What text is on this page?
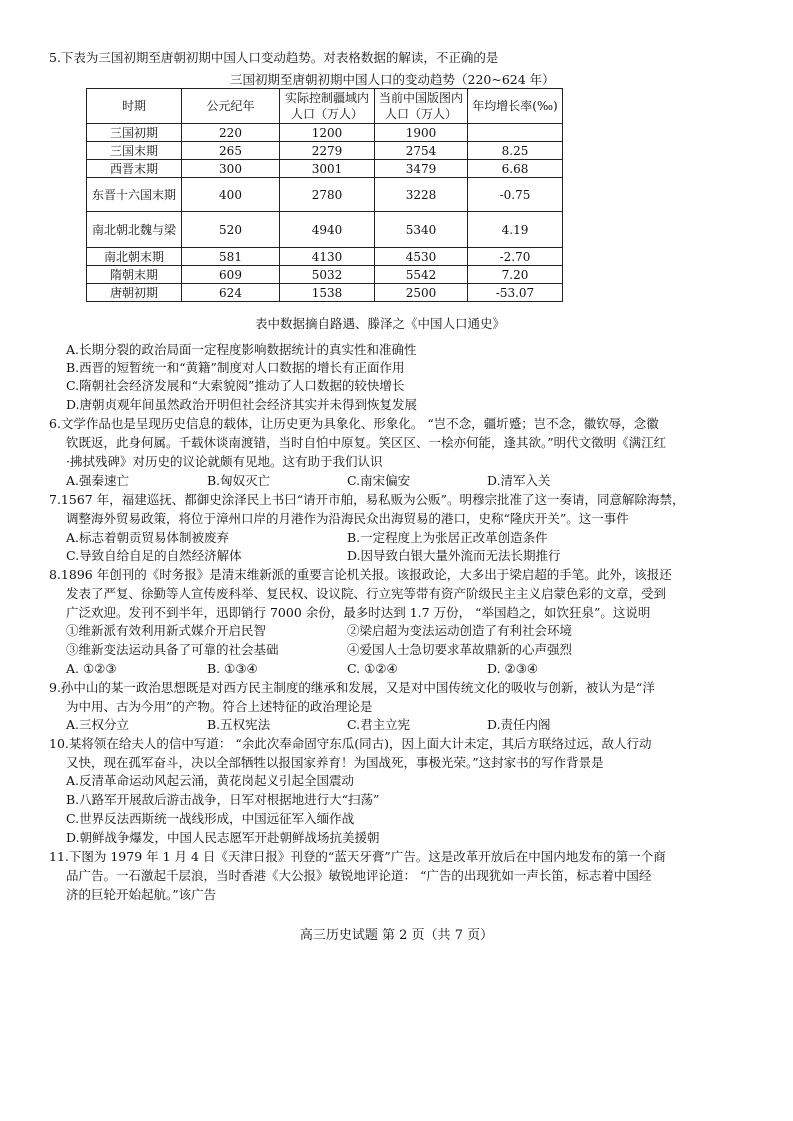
5.下表为三国初期至唐朝初期中国人口变动趋势。对表格数据的解读，不正确的是
三国初期至唐朝初期中国人口的变动趋势（220~624 年）
时期	公元纪年	实际控制疆域内人口（万人）	当前中国版图内人口（万人）	年均增长率(‰)
三国初期	220	1200	1900	
三国末期	265	2279	2754	8.25
西晋末期	300	3001	3479	6.68
东晋十六国末期	400	2780	3228	-0.75
南北朝北魏与梁	520	4940	5340	4.19
南北朝末期	581	4130	4530	-2.70
隋朝末期	609	5032	5542	7.20
唐朝初期	624	1538	2500	-53.07
表中数据摘自路遇、滕泽之《中国人口通史》
A.长期分裂的政治局面一定程度影响数据统计的真实性和准确性
B.西晋的短暂统一和“黄籍”制度对人口数据的增长有正面作用
C.隋朝社会经济发展和“大索貌阅”推动了人口数据的较快增长
D.唐朝贞观年间虽然政治开明但社会经济其实并未得到恢复发展
6.文学作品也是呈现历史信息的载体，让历史更为具象化、形象化。 “岂不念，疆圻蹙；岂不念，徽钦辱，念徽
钦既返，此身何属。千载休谈南渡错，当时自怕中原复。笑区区、一桧亦何能，逢其欲。”明代文徵明《满江红
·拂拭残碑》对历史的议论就颇有见地。这有助于我们认识
A.强秦速亡	B.匈奴灭亡	C.南宋偏安	D.清军入关
7.1567 年，福建巡抚、都御史涂泽民上书曰“请开市舶，易私贩为公贩”。明穆宗批准了这一奏请，同意解除海禁，
调整海外贸易政策，将位于漳州口岸的月港作为沿海民众出海贸易的港口，史称“隆庆开关”。这一事件
A.标志着朝贡贸易体制被废弃	B.一定程度上为张居正改革创造条件
C.导致自给自足的自然经济解体	D.因导致白银大量外流而无法长期推行
8.1896 年创刊的《时务报》是清末维新派的重要言论机关报。该报政论，大多出于梁启超的手笔。此外，该报还
发表了严复、徐勤等人宣传废科举、复民权、设议院、行立宪等带有资产阶级民主主义启蒙色彩的文章，受到
广泛欢迎。发刊不到半年，迅即销行 7000 余份，最多时达到 1.7 万份， “举国趋之，如饮狂泉”。这说明
①维新派有效利用新式媒介开启民智	②梁启超为变法运动创造了有利社会环境
③维新变法运动具备了可靠的社会基础	④爱国人士急切要求革故鼎新的心声强烈
A. ①②③	B. ①③④	C. ①②④	D. ②③④
9.孙中山的某一政治思想既是对西方民主制度的继承和发展，又是对中国传统文化的吸收与创新，被认为是“洋
为中用、古为今用”的产物。符合上述特征的政治理论是
A.三权分立	B.五权宪法	C.君主立宪	D.责任内阁
10.某将领在给夫人的信中写道： “余此次奉命固守东瓜(同古)，因上面大计未定，其后方联络过远，敌人行动
又快，现在孤军奋斗，决以全部牺牲以报国家养育！为国战死，事极光荣。”这封家书的写作背景是
A.反清革命运动风起云涌，黄花岗起义引起全国震动
B.八路军开展敌后游击战争，日军对根据地进行大“扫荡”
C.世界反法西斯统一战线形成，中国远征军入缅作战
D.朝鲜战争爆发，中国人民志愿军开赴朝鲜战场抗美援朝
11.下图为 1979 年 1 月 4 日《天津日报》刊登的“蓝天牙膏”广告。这是改革开放后在中国内地发布的第一个商
品广告。一石激起千层浪，当时香港《大公报》敏锐地评论道： “广告的出现犹如一声长笛，标志着中国经
济的巨轮开始起航。”该广告
高三历史试题 第 2 页（共 7 页）
